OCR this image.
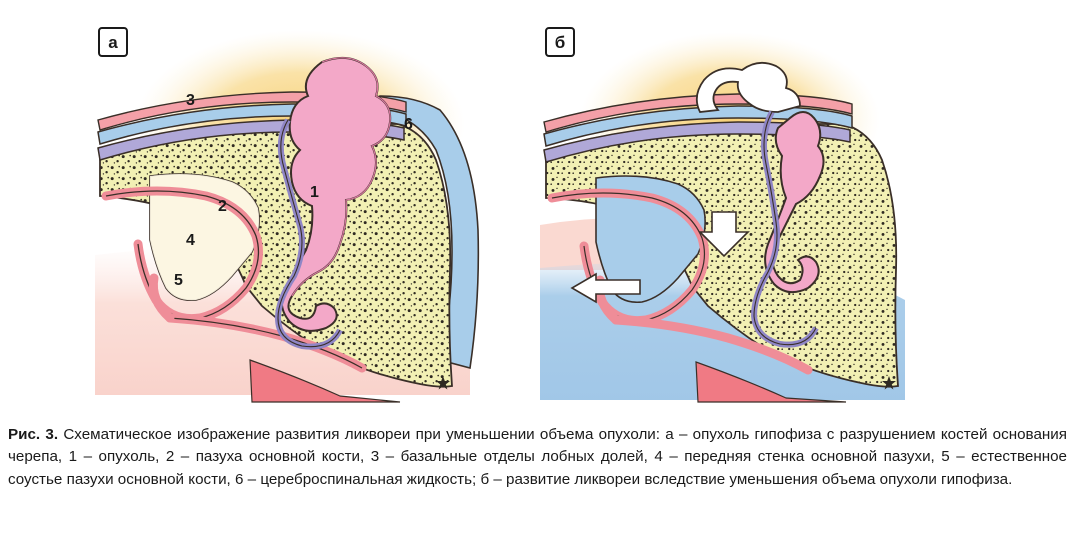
а	б
1
2
3
4
5
6
Рис. 3. Схематическое изображение развития ликвореи при уменьшении объема опухоли: а – опухоль гипофиза с разрушением костей основания черепа, 1 – опухоль, 2 – пазуха основной кости, 3 – базальные отделы лобных долей, 4 – передняя стенка основной пазухи, 5 – естественное соустье пазухи основной кости, 6 – цереброспинальная жидкость; б – развитие ликвореи вследствие уменьшения объема опухоли гипофиза.
